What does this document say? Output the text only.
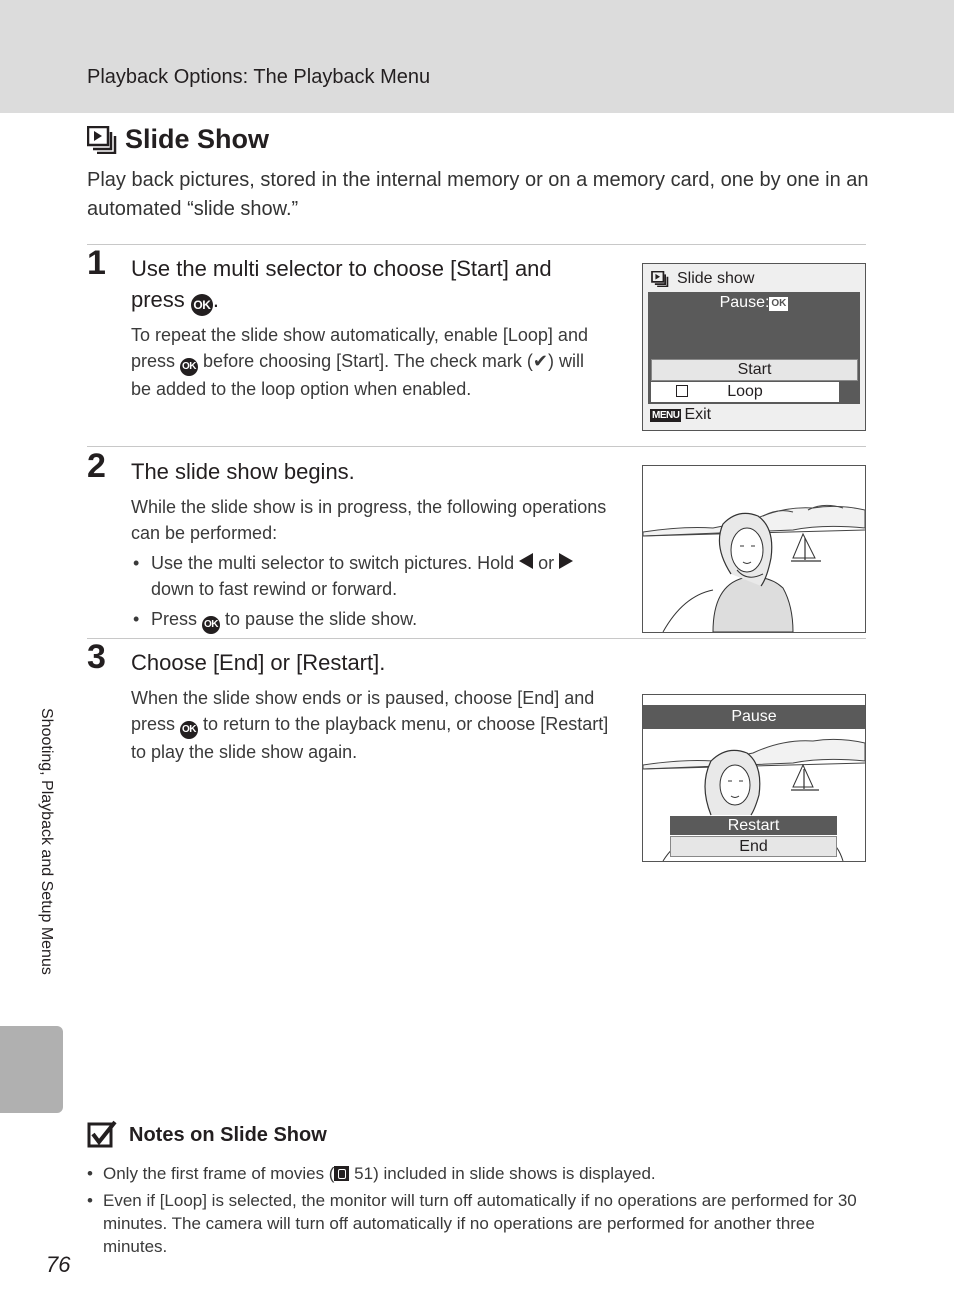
Playback Options: The Playback Menu
Slide Show
Play back pictures, stored in the internal memory or on a memory card, one by one in an automated “slide show.”
1 Use the multi selector to choose [Start] and press OK .
To repeat the slide show automatically, enable [Loop] and press OK before choosing [Start]. The check mark (✔) will be added to the loop option when enabled.
Slide show
Pause: OK
Start
Loop
MENU Exit
2 The slide show begins.
While the slide show is in progress, the following operations can be performed:
• Use the multi selector to switch pictures. Hold or  down to fast rewind or forward.
• Press OK to pause the slide show.
3 Choose [End] or [Restart].
When the slide show ends or is paused, choose [End] and press OK to return to the playback menu, or choose [Restart] to play the slide show again.
Pause
Restart
End
Shooting, Playback and Setup Menus
Notes on Slide Show
• Only the first frame of movies ( 51) included in slide shows is displayed.
• Even if [Loop] is selected, the monitor will turn off automatically if no operations are performed for 30 minutes. The camera will turn off automatically if no operations are performed for another three minutes.
76
